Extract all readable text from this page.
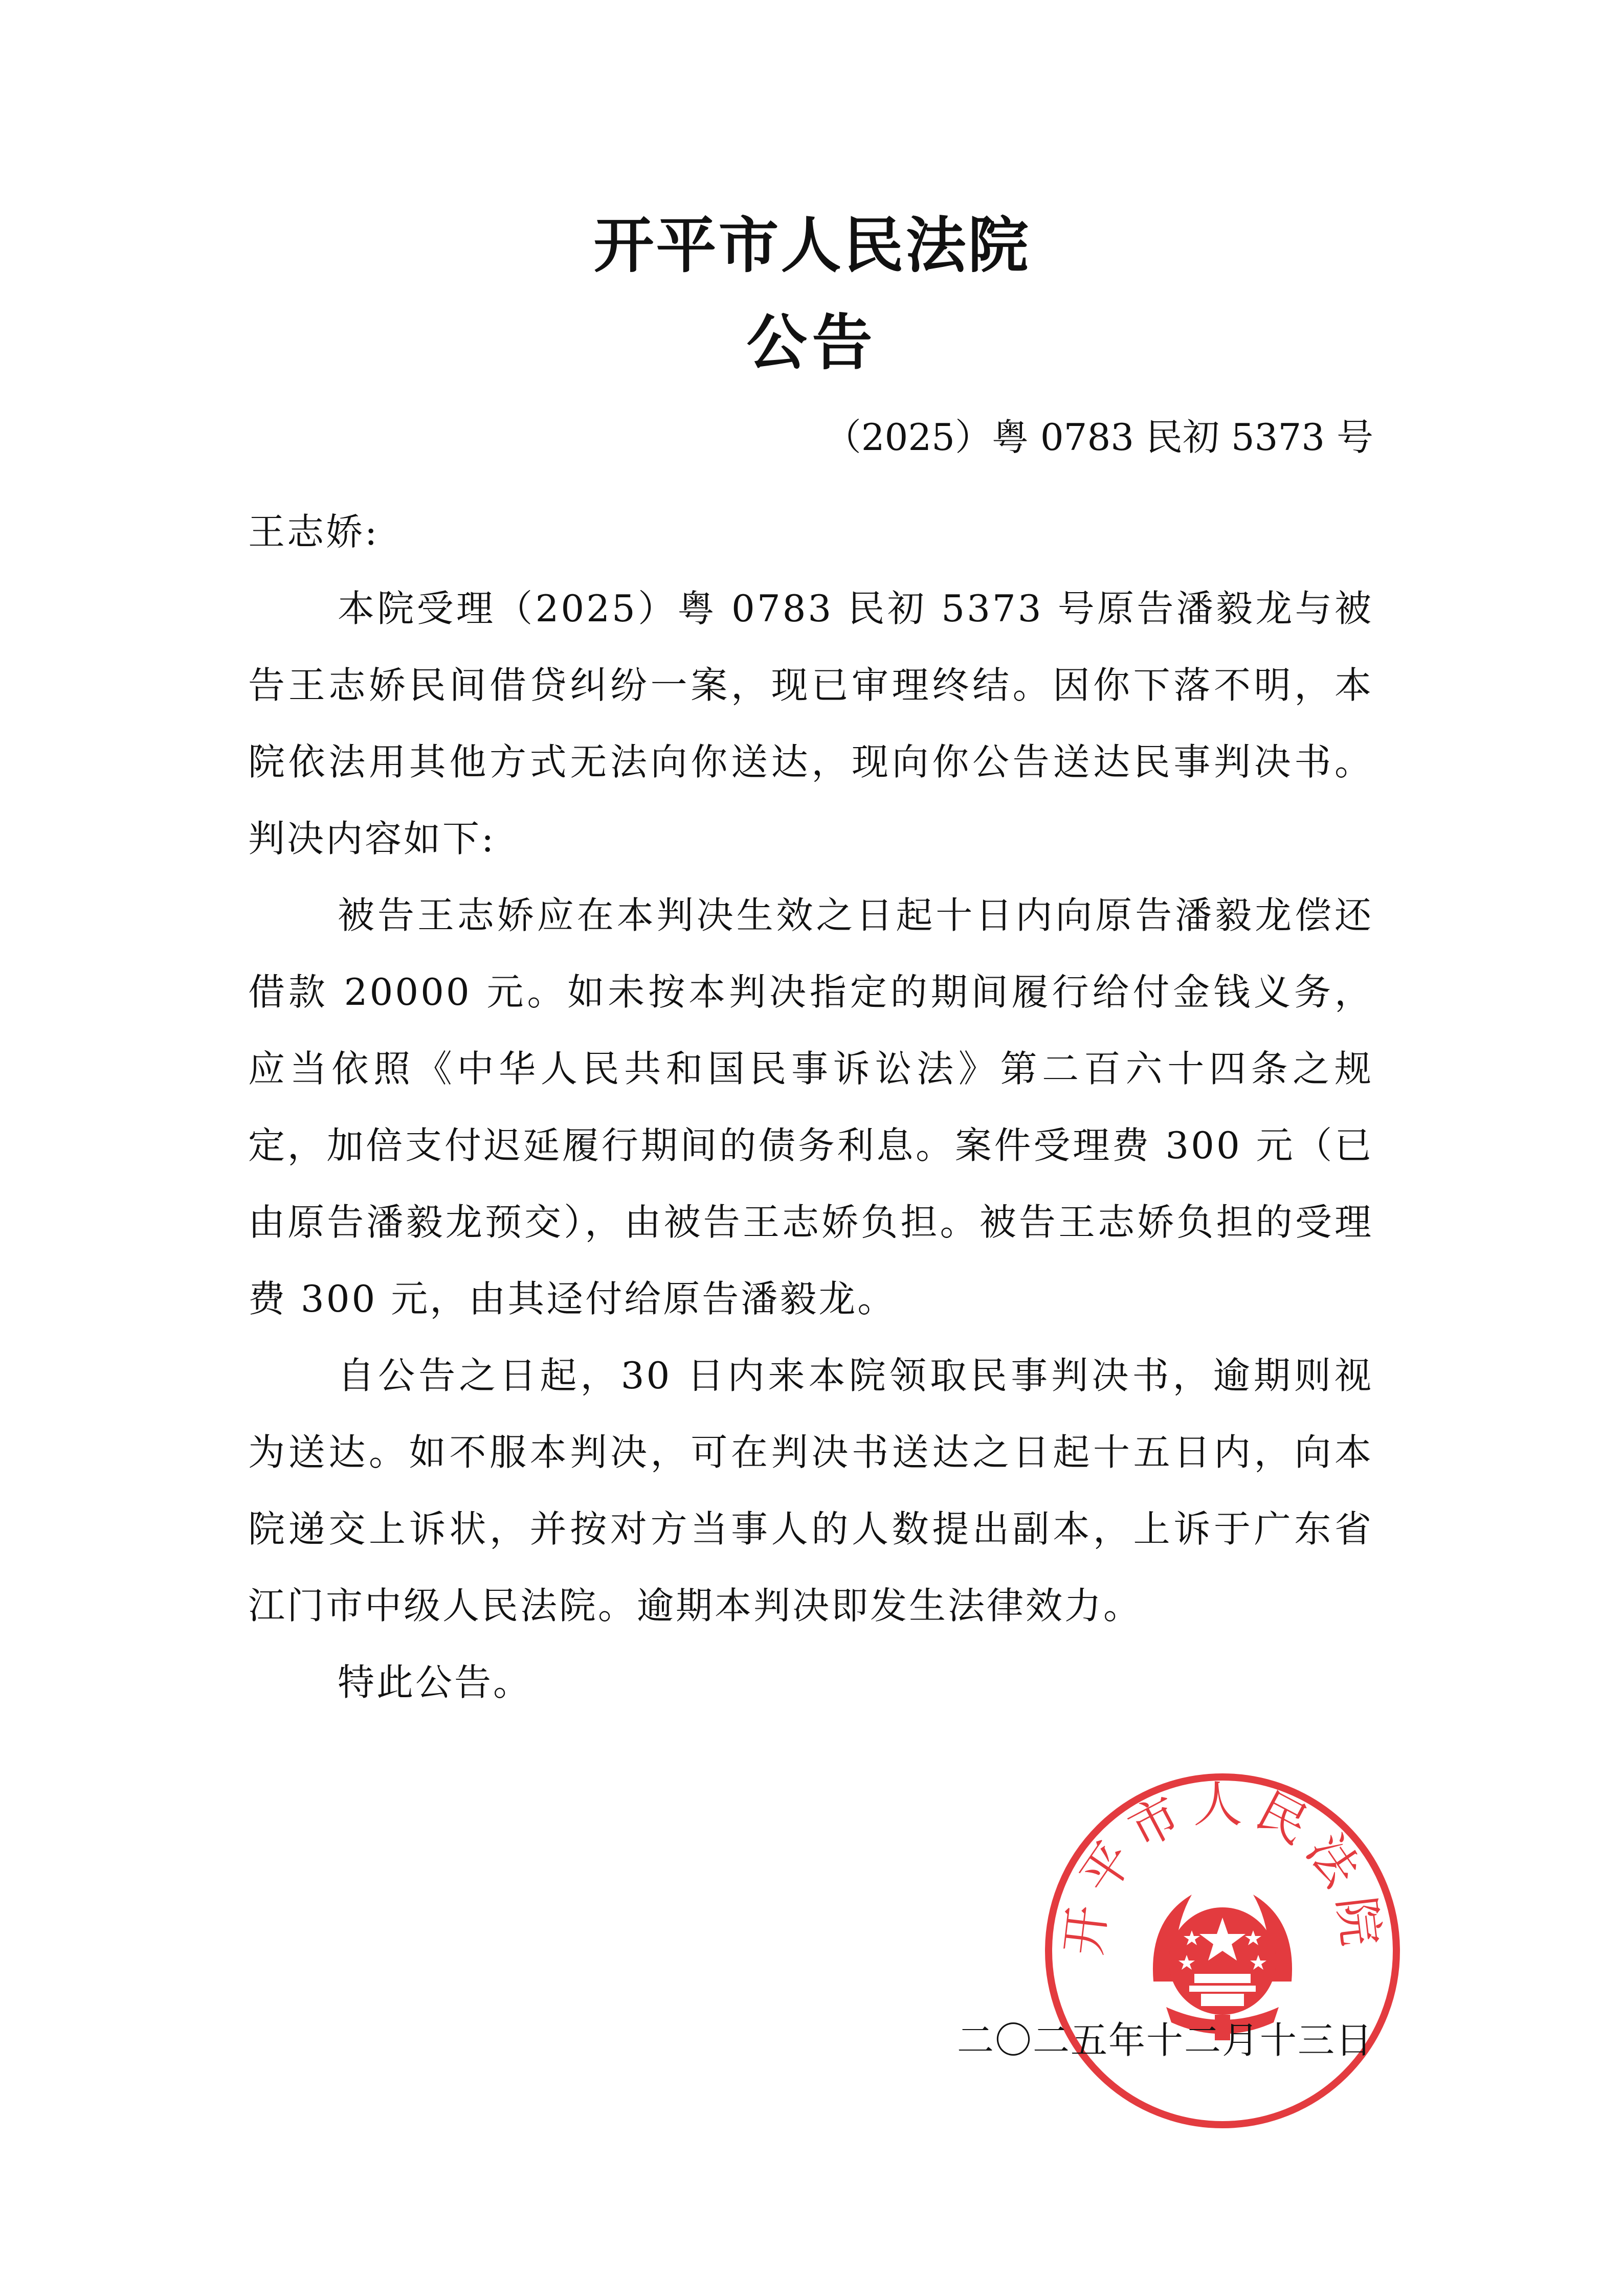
开平市人民法院
公告
（2025）粤 0783 民初 5373 号

王志娇:

本院受理（2025）粤 0783 民初 5373 号原告潘毅龙与被告王志娇民间借贷纠纷一案，现已审理终结。因你下落不明，本院依法用其他方式无法向你送达，现向你公告送达民事判决书。判决内容如下:

被告王志娇应在本判决生效之日起十日内向原告潘毅龙偿还借款 20000 元。如未按本判决指定的期间履行给付金钱义务，应当依照《中华人民共和国民事诉讼法》第二百六十四条之规定，加倍支付迟延履行期间的债务利息。案件受理费 300 元（已由原告潘毅龙预交），由被告王志娇负担。被告王志娇负担的受理费 300 元，由其迳付给原告潘毅龙。

自公告之日起，30 日内来本院领取民事判决书，逾期则视为送达。如不服本判决，可在判决书送达之日起十五日内，向本院递交上诉状，并按对方当事人的人数提出副本，上诉于广东省江门市中级人民法院。逾期本判决即发生法律效力。

特此公告。

开平市人民法院
二〇二五年十二月十三日
